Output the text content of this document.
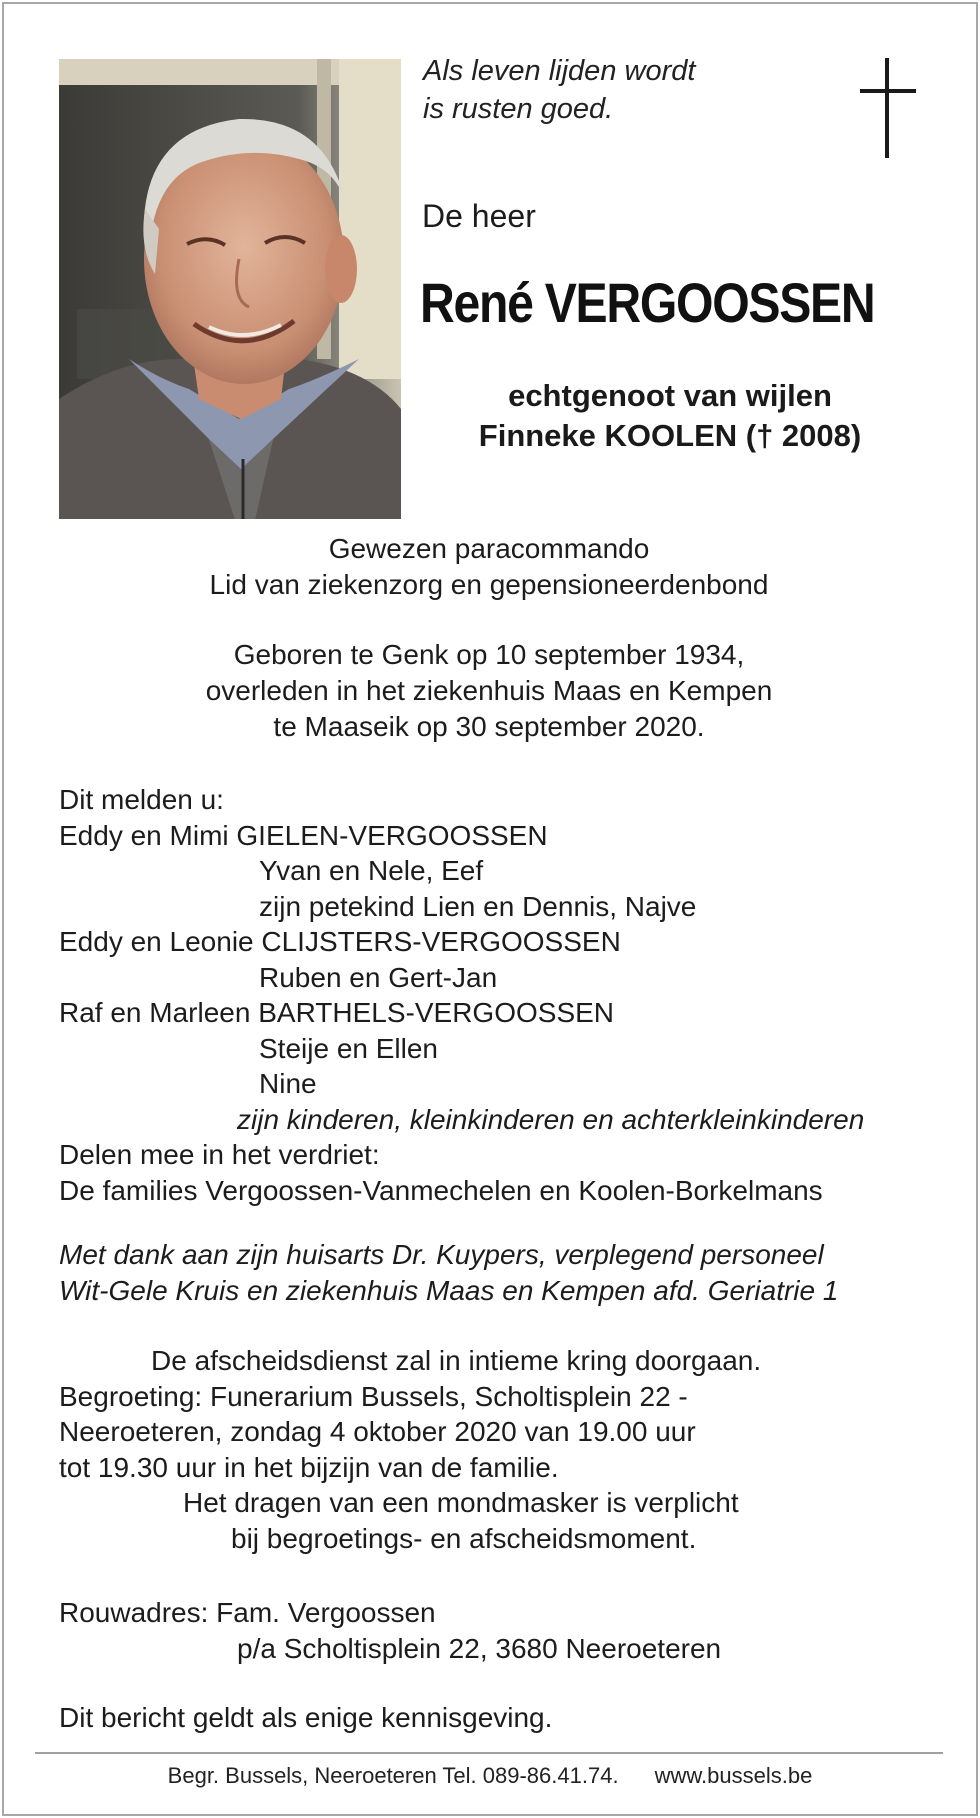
Als leven lijden wordt
is rusten goed.
De heer
René VERGOOSSEN
echtgenoot van wijlen
Finneke KOOLEN († 2008)
Gewezen paracommando
Lid van ziekenzorg en gepensioneerdenbond
Geboren te Genk op 10 september 1934,
overleden in het ziekenhuis Maas en Kempen
te Maaseik op 30 september 2020.
Dit melden u:
Eddy en Mimi GIELEN-VERGOOSSEN
Yvan en Nele, Eef
zijn petekind Lien en Dennis, Najve
Eddy en Leonie CLIJSTERS-VERGOOSSEN
Ruben en Gert-Jan
Raf en Marleen BARTHELS-VERGOOSSEN
Steije en Ellen
Nine
zijn kinderen, kleinkinderen en achterkleinkinderen
Delen mee in het verdriet:
De families Vergoossen-Vanmechelen en Koolen-Borkelmans
Met dank aan zijn huisarts Dr. Kuypers, verplegend personeel
Wit-Gele Kruis en ziekenhuis Maas en Kempen afd. Geriatrie 1
De afscheidsdienst zal in intieme kring doorgaan.
Begroeting: Funerarium Bussels, Scholtisplein 22 -
Neeroeteren, zondag 4 oktober 2020 van 19.00 uur
tot 19.30 uur in het bijzijn van de familie.
Het dragen van een mondmasker is verplicht
bij begroetings- en afscheidsmoment.
Rouwadres: Fam. Vergoossen
p/a Scholtisplein 22, 3680 Neeroeteren
Dit bericht geldt als enige kennisgeving.
Begr. Bussels, Neeroeteren Tel. 089-86.41.74. www.bussels.be
